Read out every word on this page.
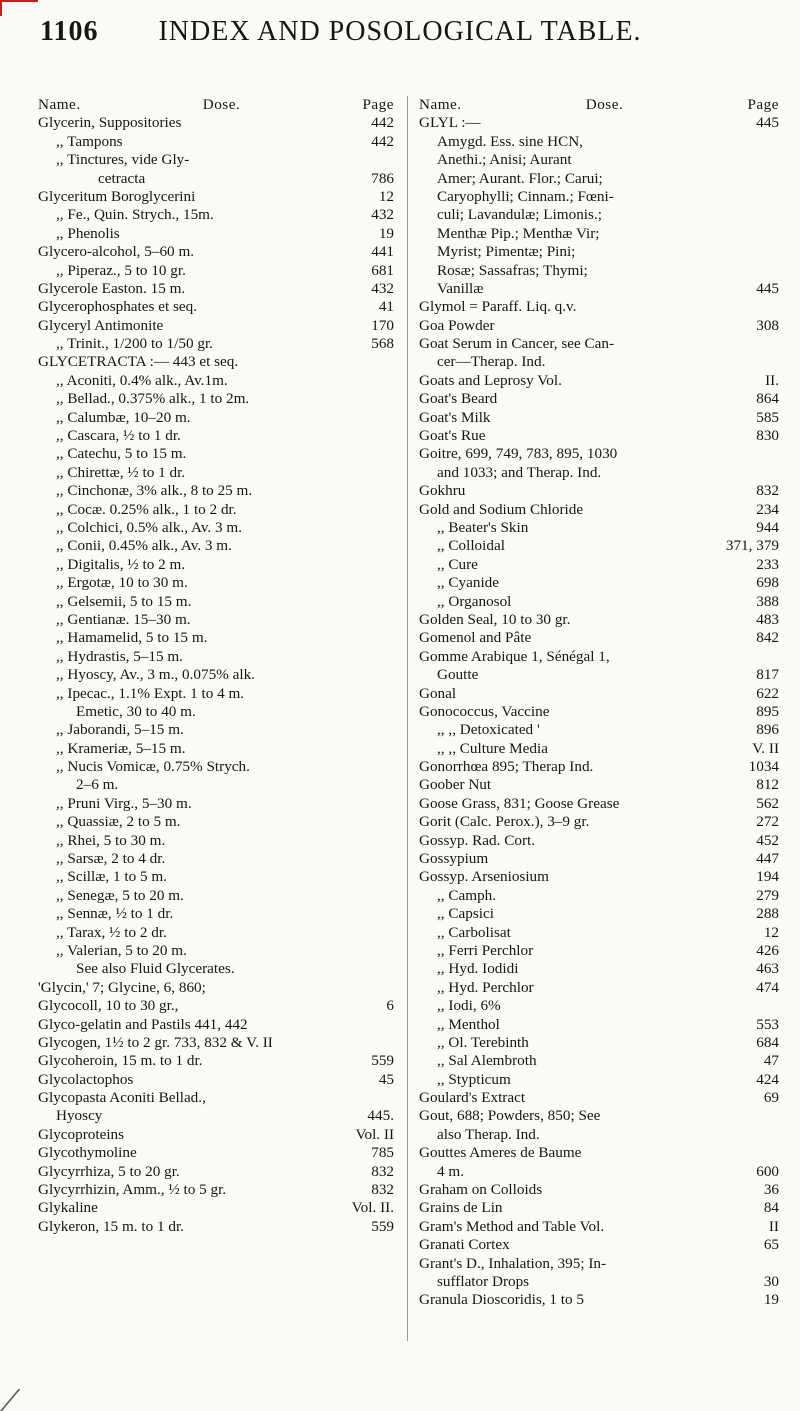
1106 INDEX AND POSOLOGICAL TABLE.
Name.	Dose.	Page
Glycerin, Suppositories	442
,, Tampons	442
,, Tinctures, vide Gly-
cetracta	786
Glyceritum Boroglycerini	12
,, Fe., Quin. Strych., 15m.	432
,, Phenolis	19
Glycero-alcohol, 5–60 m.	441
,, Piperaz., 5 to 10 gr.	681
Glycerole Easton. 15 m.	432
Glycerophosphates et seq.	41
Glyceryl Antimonite	170
,, Trinit., 1/200 to 1/50 gr.	568
GLYCETRACTA :— 443 et seq.
,, Aconiti, 0.4% alk., Av.1m.
,, Bellad., 0.375% alk., 1 to 2m.
,, Calumbæ, 10–20 m.
,, Cascara, ½ to 1 dr.
,, Catechu, 5 to 15 m.
,, Chirettæ, ½ to 1 dr.
,, Cinchonæ, 3% alk., 8 to 25 m.
,, Cocæ. 0.25% alk., 1 to 2 dr.
,, Colchici, 0.5% alk., Av. 3 m.
,, Conii, 0.45% alk., Av. 3 m.
,, Digitalis, ½ to 2 m.
,, Ergotæ, 10 to 30 m.
,, Gelsemii, 5 to 15 m.
,, Gentianæ. 15–30 m.
,, Hamamelid, 5 to 15 m.
,, Hydrastis, 5–15 m.
,, Hyoscy, Av., 3 m., 0.075% alk.
,, Ipecac., 1.1% Expt. 1 to 4 m.
Emetic, 30 to 40 m.
,, Jaborandi, 5–15 m.
,, Krameriæ, 5–15 m.
,, Nucis Vomicæ, 0.75% Strych.
2–6 m.
,, Pruni Virg., 5–30 m.
,, Quassiæ, 2 to 5 m.
,, Rhei, 5 to 30 m.
,, Sarsæ, 2 to 4 dr.
,, Scillæ, 1 to 5 m.
,, Senegæ, 5 to 20 m.
,, Sennæ, ½ to 1 dr.
,, Tarax, ½ to 2 dr.
,, Valerian, 5 to 20 m.
See also Fluid Glycerates.
'Glycin,' 7; Glycine, 6, 860;
Glycocoll, 10 to 30 gr.,	6
Glyco-gelatin and Pastils 441, 442
Glycogen, 1½ to 2 gr. 733, 832 & V. II
Glycoheroin, 15 m. to 1 dr.	559
Glycolactophos	45
Glycopasta Aconiti Bellad.,
Hyoscy	445.
Glycoproteins	Vol. II
Glycothymoline	785
Glycyrrhiza, 5 to 20 gr.	832
Glycyrrhizin, Amm., ½ to 5 gr.	832
Glykaline	Vol. II.
Glykeron, 15 m. to 1 dr.	559
Name.	Dose.	Page
GLYL :—	445
Amygd. Ess. sine HCN,
Anethi.; Anisi; Aurant
Amer; Aurant. Flor.; Carui;
Caryophylli; Cinnam.; Fœni-
culi; Lavandulæ; Limonis.;
Menthæ Pip.; Menthæ Vir;
Myrist; Pimentæ; Pini;
Rosæ; Sassafras; Thymi;
Vanillæ	445
Glymol = Paraff. Liq. q.v.
Goa Powder	308
Goat Serum in Cancer, see Can-
cer—Therap. Ind.
Goats and Leprosy Vol.	II.
Goat's Beard	864
Goat's Milk	585
Goat's Rue	830
Goitre, 699, 749, 783, 895, 1030
and 1033; and Therap. Ind.
Gokhru	832
Gold and Sodium Chloride	234
,, Beater's Skin	944
,, Colloidal	371, 379
,, Cure	233
,, Cyanide	698
,, Organosol	388
Golden Seal, 10 to 30 gr.	483
Gomenol and Pâte	842
Gomme Arabique 1, Sénégal 1,
Goutte	817
Gonal	622
Gonococcus, Vaccine	895
,, ,, Detoxicated '	896
,, ,, Culture Media	V. II
Gonorrhœa 895; Therap Ind.	1034
Goober Nut	812
Goose Grass, 831; Goose Grease	562
Gorit (Calc. Perox.), 3–9 gr.	272
Gossyp. Rad. Cort.	452
Gossypium	447
Gossyp. Arseniosium	194
,, Camph.	279
,, Capsici	288
,, Carbolisat	12
,, Ferri Perchlor	426
,, Hyd. Iodidi	463
,, Hyd. Perchlor	474
,, Iodi, 6%
,, Menthol	553
,, Ol. Terebinth	684
,, Sal Alembroth	47
,, Stypticum	424
Goulard's Extract	69
Gout, 688; Powders, 850; See
also Therap. Ind.
Gouttes Ameres de Baume
4 m.	600
Graham on Colloids	36
Grains de Lin	84
Gram's Method and Table Vol.	II
Granati Cortex	65
Grant's D., Inhalation, 395; In-
sufflator Drops	30
Granula Dioscoridis, 1 to 5	19
